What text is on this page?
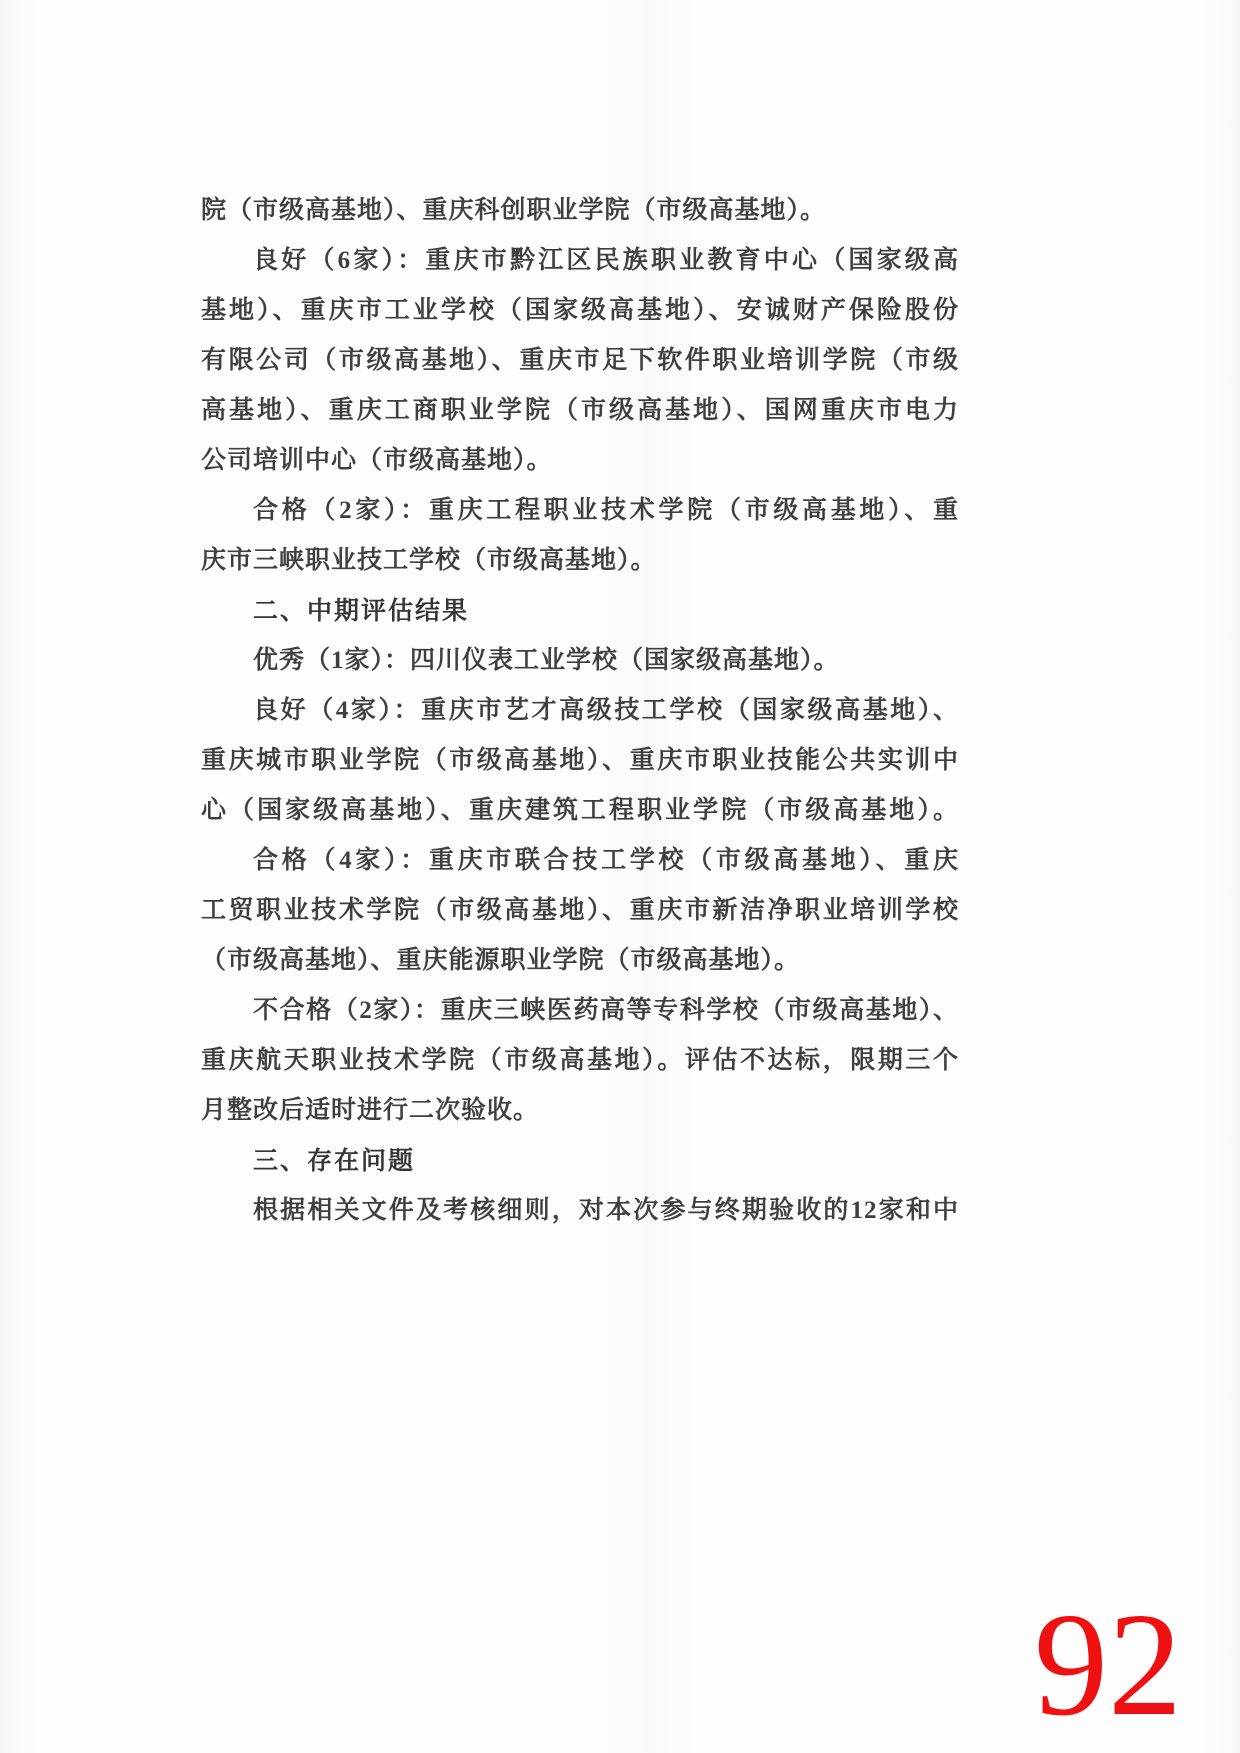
院（市级高基地）、重庆科创职业学院（市级高基地）。
良好（6家）：重庆市黔江区民族职业教育中心（国家级高
基地）、重庆市工业学校（国家级高基地）、安诚财产保险股份
有限公司（市级高基地）、重庆市足下软件职业培训学院（市级
高基地）、重庆工商职业学院（市级高基地）、国网重庆市电力
公司培训中心（市级高基地）。
合格（2家）：重庆工程职业技术学院（市级高基地）、重
庆市三峡职业技工学校（市级高基地）。
二、中期评估结果
优秀（1家）：四川仪表工业学校（国家级高基地）。
良好（4家）：重庆市艺才高级技工学校（国家级高基地）、
重庆城市职业学院（市级高基地）、重庆市职业技能公共实训中
心（国家级高基地）、重庆建筑工程职业学院（市级高基地）。
合格（4家）：重庆市联合技工学校（市级高基地）、重庆
工贸职业技术学院（市级高基地）、重庆市新洁净职业培训学校
（市级高基地）、重庆能源职业学院（市级高基地）。
不合格（2家）：重庆三峡医药高等专科学校（市级高基地）、
重庆航天职业技术学院（市级高基地）。评估不达标，限期三个
月整改后适时进行二次验收。
三、存在问题
根据相关文件及考核细则，对本次参与终期验收的12家和中
92
